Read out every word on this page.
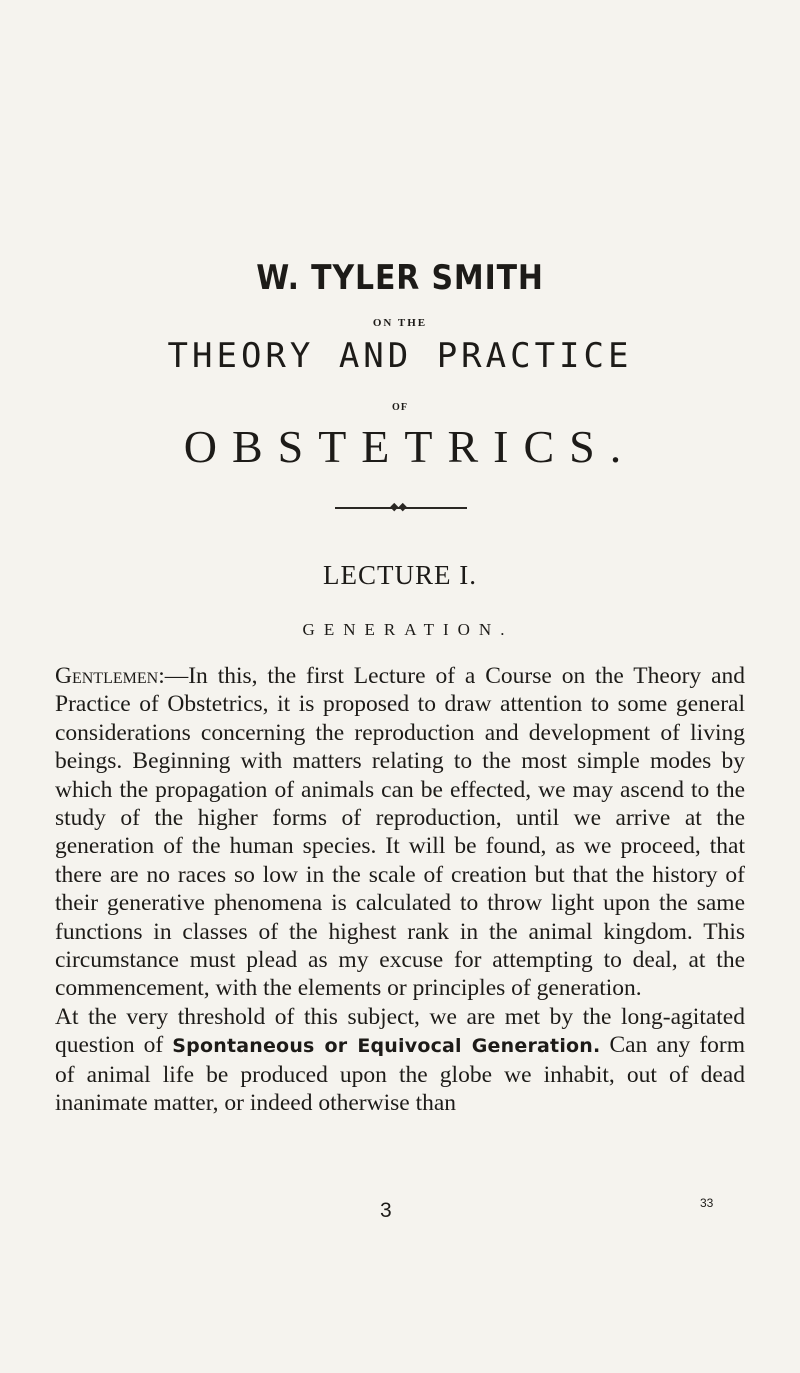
W. TYLER SMITH
ON THE
THEORY AND PRACTICE
OF
OBSTETRICS.
◆◆
LECTURE I.
GENERATION.

Gentlemen:—In this, the first Lecture of a Course on the Theory and Practice of Obstetrics, it is proposed to draw attention to some general considerations concerning the reproduction and development of living beings. Beginning with matters relating to the most simple modes by which the propagation of animals can be effected, we may ascend to the study of the higher forms of reproduction, until we arrive at the generation of the human species. It will be found, as we proceed, that there are no races so low in the scale of creation but that the history of their generative phenomena is calculated to throw light upon the same functions in classes of the highest rank in the animal kingdom. This circumstance must plead as my excuse for attempting to deal, at the commencement, with the elements or principles of generation.

At the very threshold of this subject, we are met by the long-agitated question of Spontaneous or Equivocal Generation. Can any form of animal life be produced upon the globe we inhabit, out of dead inanimate matter, or indeed otherwise than

3	33
